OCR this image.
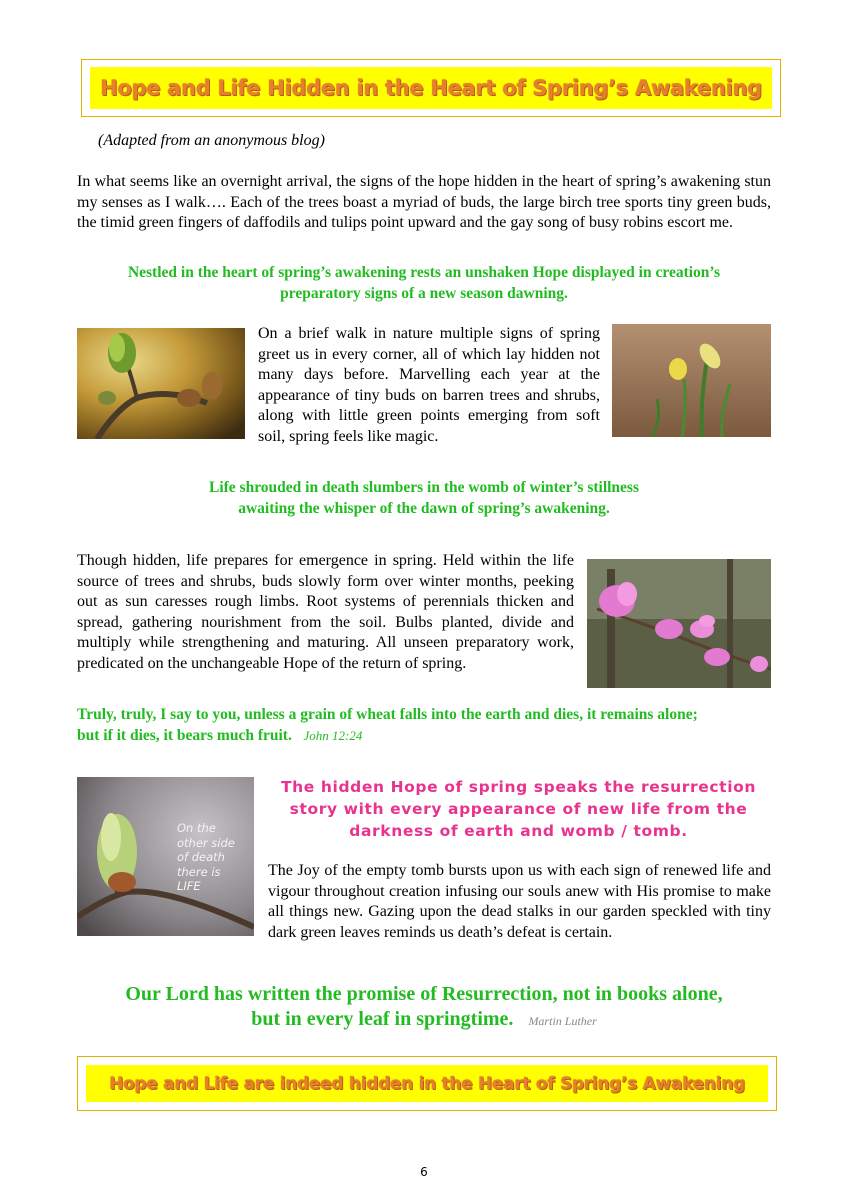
Hope and Life Hidden in the Heart of Spring’s Awakening
(Adapted from an anonymous blog)
In what seems like an overnight arrival, the signs of the hope hidden in the heart of spring’s awakening stun my senses as I walk…. Each of the trees boast a myriad of buds, the large birch tree sports tiny green buds, the timid green fingers of daffodils and tulips point upward and the gay song of busy robins escort me.
Nestled in the heart of spring’s awakening rests an unshaken Hope displayed in creation’s
preparatory signs of a new season dawning.
On a brief walk in nature multiple signs of spring greet us in every corner, all of which lay hidden not many days before. Marvelling each year at the appearance of tiny buds on barren trees and shrubs, along with little green points emerging from soft soil, spring feels like magic.
Life shrouded in death slumbers in the womb of winter’s stillness
awaiting the whisper of the dawn of spring’s awakening.
Though hidden, life prepares for emergence in spring. Held within the life source of trees and shrubs, buds slowly form over winter months, peeking out as sun caresses rough limbs. Root systems of perennials thicken and spread, gathering nourishment from the soil. Bulbs planted, divide and multiply while strengthening and maturing. All unseen preparatory work, predicated on the unchangeable Hope of the return of spring.
Truly, truly, I say to you, unless a grain of wheat falls into the earth and dies, it remains alone;
but if it dies, it bears much fruit. John 12:24
On the
other side
of death
there is
LIFE
The hidden Hope of spring speaks the resurrection
story with every appearance of new life from the
darkness of earth and womb / tomb.
The Joy of the empty tomb bursts upon us with each sign of renewed life and vigour throughout creation infusing our souls anew with His promise to make all things new. Gazing upon the dead stalks in our garden speckled with tiny dark green leaves reminds us death’s defeat is certain.
Our Lord has written the promise of Resurrection, not in books alone,
but in every leaf in springtime. Martin Luther
Hope and Life are indeed hidden in the Heart of Spring’s Awakening
6
